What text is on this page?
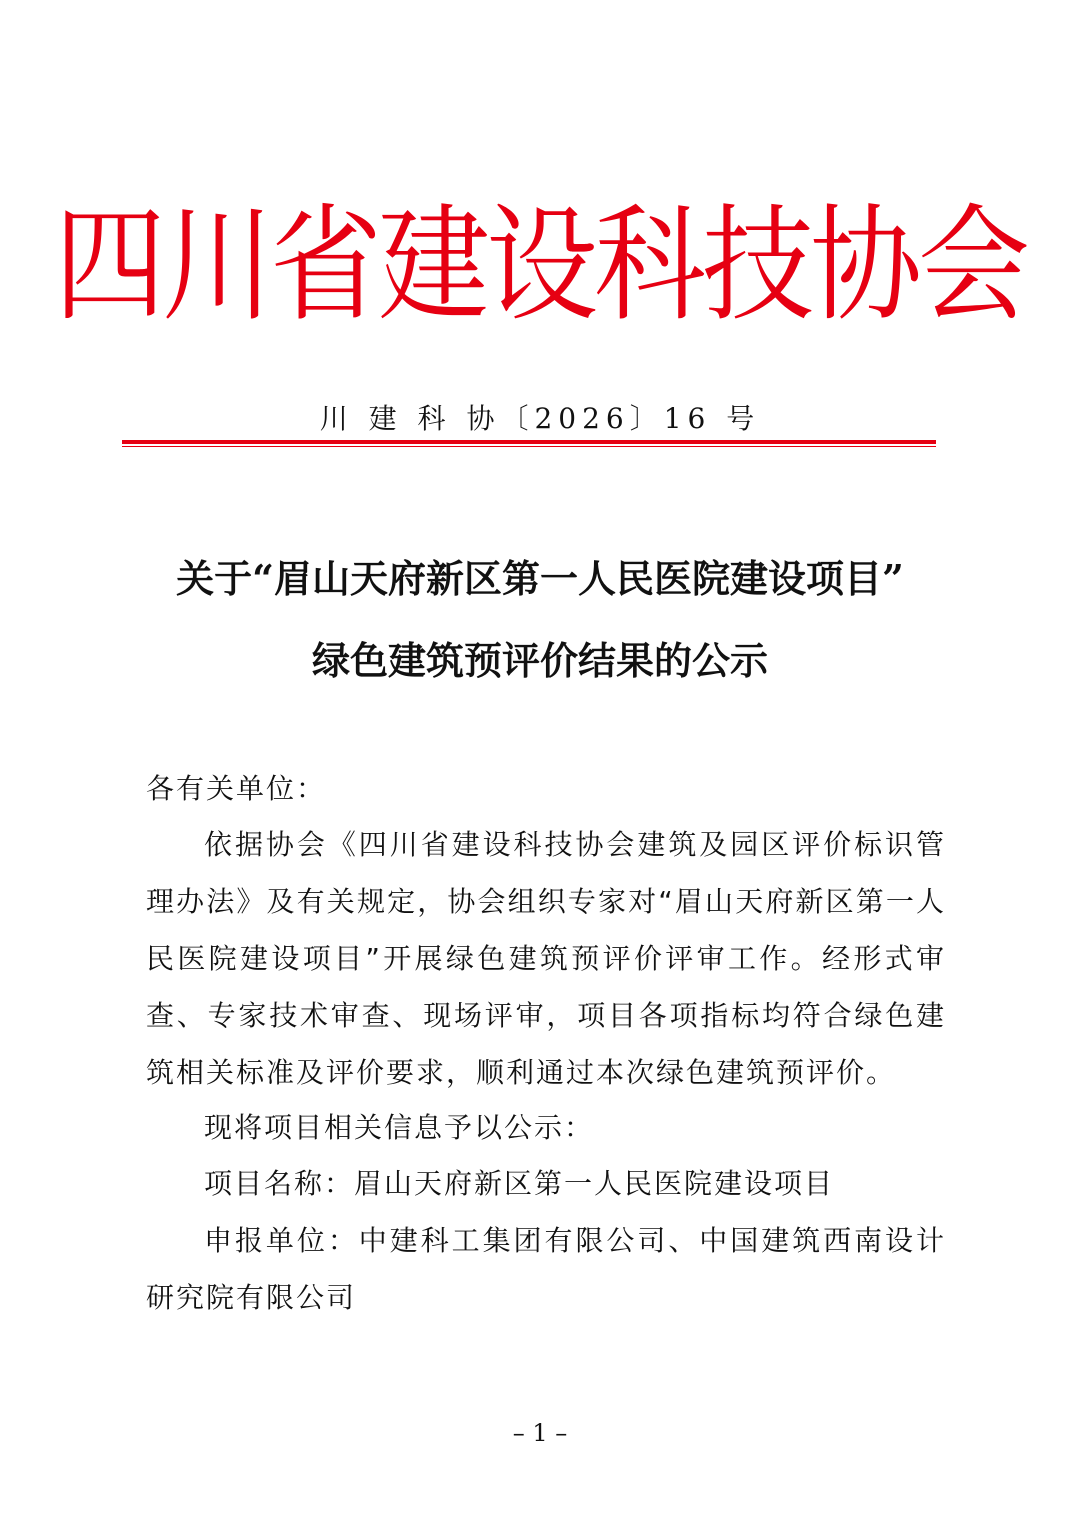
四川省建设科技协会
川 建 科 协〔2026〕16 号
关于“眉山天府新区第一人民医院建设项目”
绿色建筑预评价结果的公示
各有关单位：
依据协会《四川省建设科技协会建筑及园区评价标识管理办法》及有关规定，协会组织专家对“眉山天府新区第一人民医院建设项目”开展绿色建筑预评价评审工作。经形式审查、专家技术审查、现场评审，项目各项指标均符合绿色建筑相关标准及评价要求，顺利通过本次绿色建筑预评价。
现将项目相关信息予以公示：
项目名称：眉山天府新区第一人民医院建设项目
申报单位：中建科工集团有限公司、中国建筑西南设计研究院有限公司
– 1 –
